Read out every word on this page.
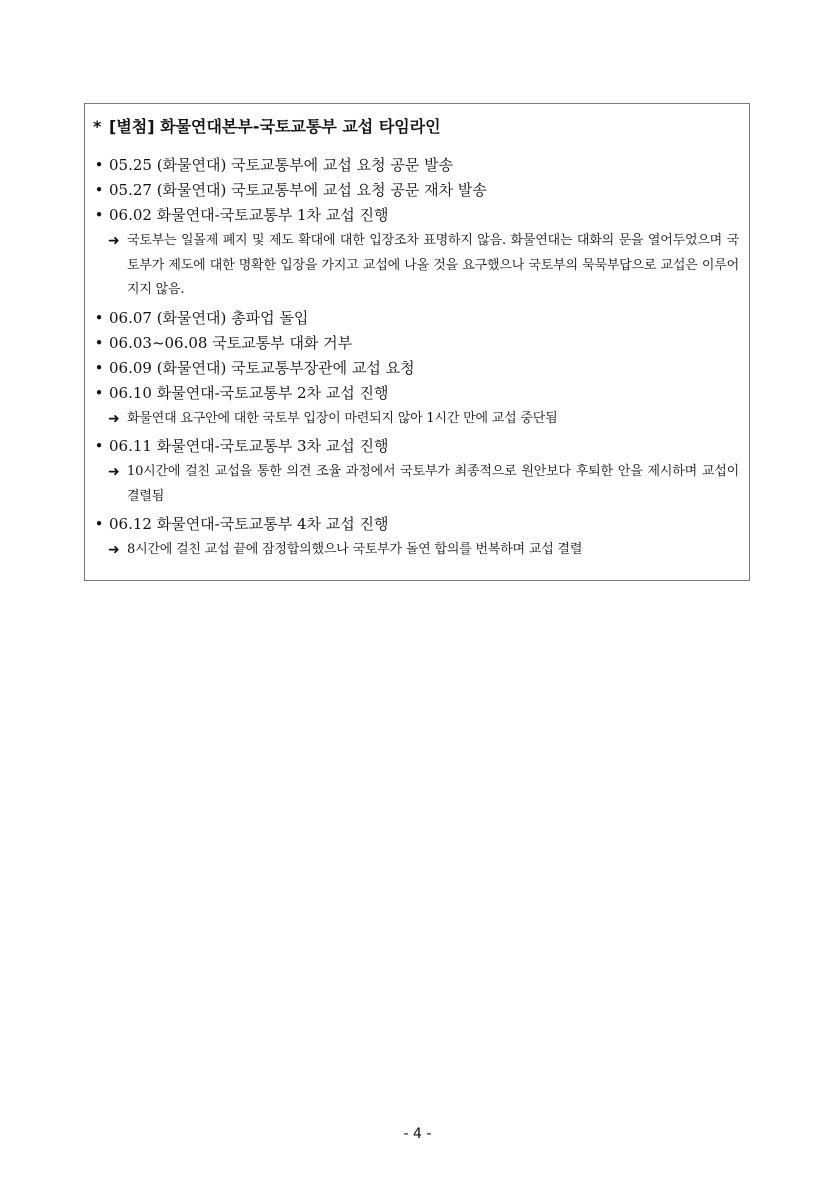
* [별첨] 화물연대본부-국토교통부 교섭 타임라인
• 05.25 (화물연대) 국토교통부에 교섭 요청 공문 발송
• 05.27 (화물연대) 국토교통부에 교섭 요청 공문 재차 발송
• 06.02 화물연대-국토교통부 1차 교섭 진행
➜ 국토부는 일몰제 폐지 및 제도 확대에 대한 입장조차 표명하지 않음. 화물연대는 대화의 문을 열어두었으며 국토부가 제도에 대한 명확한 입장을 가지고 교섭에 나올 것을 요구했으나 국토부의 묵묵부답으로 교섭은 이루어지지 않음.
• 06.07 (화물연대) 총파업 돌입
• 06.03~06.08 국토교통부 대화 거부
• 06.09 (화물연대) 국토교통부장관에 교섭 요청
• 06.10 화물연대-국토교통부 2차 교섭 진행
➜ 화물연대 요구안에 대한 국토부 입장이 마련되지 않아 1시간 만에 교섭 중단됨
• 06.11 화물연대-국토교통부 3차 교섭 진행
➜ 10시간에 걸친 교섭을 통한 의견 조율 과정에서 국토부가 최종적으로 원안보다 후퇴한 안을 제시하며 교섭이 결렬됨
• 06.12 화물연대-국토교통부 4차 교섭 진행
➜ 8시간에 걸친 교섭 끝에 잠정합의했으나 국토부가 돌연 합의를 번복하며 교섭 결렬
- 4 -
